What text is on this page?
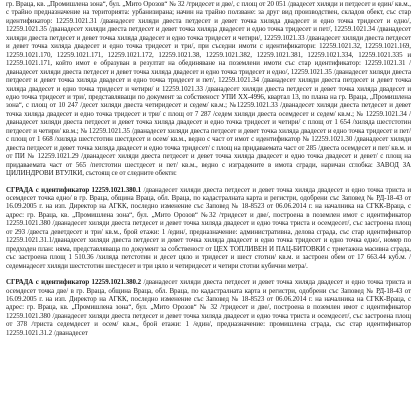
гр. Враца, кв. „Промишлена зона“, бул. „Мито Орозов“ № 32 /тридесет и две/, с площ от 20 051 /двадесет хиляди и петдесет и един/ кв.м., с трайно предназначение на територията: урбанизирана; начин на трайно ползване: за друг вид производствен, складов обект, със стар идентификатор: 12259.1021.31 /дванадесет хиляди двеста петдесет и девет точка хиляда двадесет и едно точка тридесет и едно/, 12259.1021.35 /дванадесет хиляди двеста петдесет и девет точка хиляда двадесет и едно точка тридесет и пет/, 12259.1021.34 /дванадесет хиляди двеста петдесет и девет точка хиляда двадесет и едно точка тридесет и четири/, 12259.1021.33 /дванадесет хиляди двеста петдесет и девет точка хиляда двадесет и едно точка тридесет и три/, при съседни имоти с идентификатори: 12259.1021.32, 12259.1021.169, 12259.1021.170, 12259.1021.171, 12259.1021.172, 12259.1021.38, 12259.1021.382, 12259.1021.381, 12259.1021.334, 12259.1021.335 и 12259.1021.171, който имот е образуван в резултат на обединяване на поземлени имоти със стар идентификатор: 12259.1021.31 /дванадесет хиляди двеста петдесет и девет точка хиляда двадесет и едно точка тридесет и едно/, 12259.1021.35 /дванадесет хиляди двеста петдесет и девет точка хиляда двадесет и едно точка тридесет и пет/, 12259.1021.34 /дванадесет хиляди двеста петдесет и девет точка хиляда двадесет и едно точка тридесет и четири/ и 12259.1021.33 /дванадесет хиляди двеста петдесет и девет точка хиляда двадесет и едно точка тридесет и три/, представляващи по документ за собственост УПИ XX-4996, квартал 13, по плана на гр. Враца, „Промишлена зона“, с площ от 10 247 /десет хиляди двеста четиридесет и седем/ кв.м.; №12259.1021.33 /дванадесет хиляди двеста петдесет и девет точка хиляда двадесет и едно точка тридесет и три/ с площ от 7 287 /седем хиляди двеста осемдесет и седем/ кв.м.; № 12259.1021.34 /дванадесет хиляди двеста петдесет и девет точка хиляда двадесет и едно точка тридесет и четири/ с площ от 1 654 /хиляда шестстотин петдесет и четири/ кв.м.; № 12259.1021.35 /дванадесет хиляди двеста петдесет и девет точка хиляда двадесет и едно точка тридесет и пет/ с площ от 1 668 /хиляда шестстотин шестдесет и осем/ кв.м., ведно с част от имот с идентификатор № 12259.1021.30 /дванадесет хиляди двеста петдесет и девет точка хиляда двадесет и едно точка тридесет/ с площ на придаваемата част от 285 /двеста осемдесет и пет/ кв.м. и от ПИ № 12259.1021.29 /дванадесет хиляди двеста петдесет и девет точка хиляда двадесет и едно точка двадесет и девет/ с площ на придаваемата част от 565 /петстотин шестдесет и пет/ кв.м., ведно с изградените в имота сгради, наричан сглобка: ЗАВОД ЗА ЦИЛИНДРОВИ ВТУЛКИ, състоящ се от следните обекти:

СГРАДА с идентификатор 12259.1021.380.1 /дванадесет хиляди двеста петдесет и девет точка хиляда двадесет и едно точка триста и осемдесет точка едно/ в гр. Враца, община Враца, обл. Враца, по кадастралната карта и регистри, одобрени със Заповед № РД-18-43 от 16.09.2005 г. на изп. Директор на АГКК, последно изменение със Заповед № 18-8523 от 06.06.2014 г. на началника на СГКК-Враца, с адрес: гр. Враца, кв. „Промишлена зона“, бул. „Мито Орозов“ №32 /тридесет и две/, построена в поземлен имот с идентификатор 12259.1021.380 /дванадесет хиляди двеста петдесет и девет точка хиляда двадесет и едно точка триста и осемдесет/, със застроена площ от 293 /двеста деветдесет и три/ кв.м., брой етажи: 1 /един/, предназначение: административна, делова сграда, със стар идентификатор 12259.1021.31.1/дванадесет хиляди двеста петдесет и девет точка хиляда двадесет и едно точка тридесет и едно точка едно/, номер по предходен план: няма, представляваща по документ за собственост от ЦЕХ ТОПЛИВЕН И ПАЦ-БИТОВКИ с триетажна масивна сграда, със застроена площ 1 510.36 /хиляда петстотин и десет цяло и тридесет и шест стотни/ кв.м. и застроен обем от 17 663.44 куб.м. /седемнадесет хиляди шестстотин шестдесет и три цяло и четиридесет и четири стотни кубични метра/.

СГРАДА с идентификатор 12259.1021.380.2 /дванадесет хиляди двеста петдесет и девет точка хиляда двадесет и едно точка триста и осемдесет точка две/ в гр. Враца, община Враца, обл. Враца, по кадастралната карта и регистри, одобрени със Заповед № РД-18-43 от 16.09.2005 г. на изп. Директор на АГКК, последно изменение със Заповед № 18-8523 от 06.06.2014 г. на началника на СГКК-Враца, с адрес: гр. Враца, кв. „Промишлена зона“, бул. „Мито Орозов“ № 32 /тридесет и две/, построена в поземлен имот с идентификатор 12259.1021.380 /дванадесет хиляди двеста петдесет и девет точка хиляда двадесет и едно точка триста и осемдесет/, със застроена площ от 378 /триста седемдесет и осем/ кв.м., брой етажи: 1 /един/, предназначение: промишлена сграда, със стар идентификатор 12259.1021.31.2 /дванадесет
